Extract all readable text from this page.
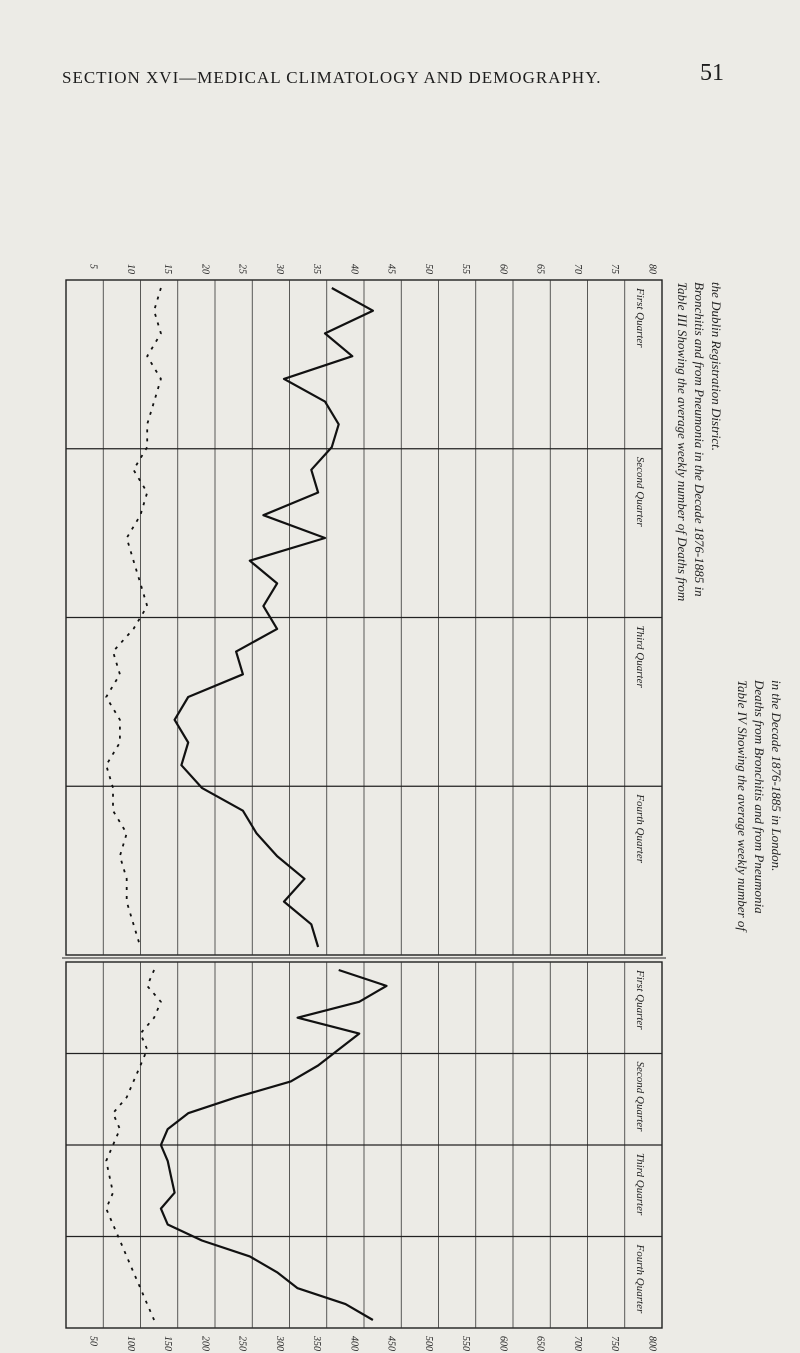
SECTION XVI—MEDICAL CLIMATOLOGY AND DEMOGRAPHY.	51
5	10	15	20	25	30	35	40	45	50	55	60	65	70	75	80
50	100	150	200	250	300	350	400	450	500	550	600	650	700	750	800
First Quarter
Second Quarter
Third Quarter
Fourth Quarter
First Quarter
Second Quarter
Third Quarter
Fourth Quarter
Table III Showing the average weekly number of Deaths from Bronchitis and from Pneumonia in the Decade 1876-1885 in the Dublin Registration District.
Table IV Showing the average weekly number of Deaths from Bronchitis and from Pneumonia in the Decade 1876-1885 in London.
